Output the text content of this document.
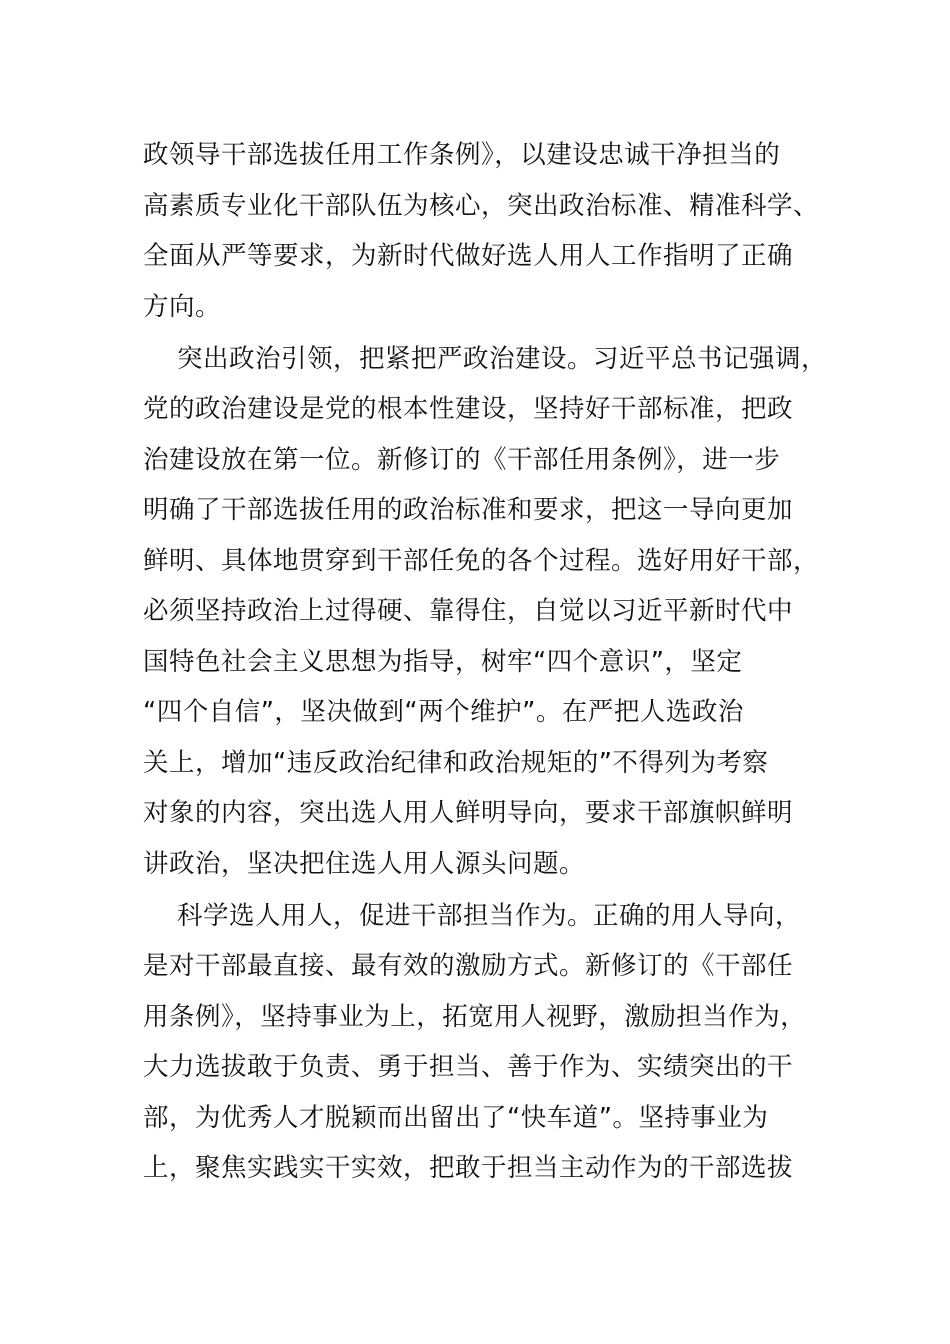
政领导干部选拔任用工作条例》，以建设忠诚干净担当的
高素质专业化干部队伍为核心，突出政治标准、精准科学、
全面从严等要求，为新时代做好选人用人工作指明了正确
方向。
突出政治引领，把紧把严政治建设。习近平总书记强调，
党的政治建设是党的根本性建设，坚持好干部标准，把政
治建设放在第一位。新修订的《干部任用条例》，进一步
明确了干部选拔任用的政治标准和要求，把这一导向更加
鲜明、具体地贯穿到干部任免的各个过程。选好用好干部，
必须坚持政治上过得硬、靠得住，自觉以习近平新时代中
国特色社会主义思想为指导，树牢“四个意识”，坚定
“四个自信”，坚决做到“两个维护”。在严把人选政治
关上，增加“违反政治纪律和政治规矩的”不得列为考察
对象的内容，突出选人用人鲜明导向，要求干部旗帜鲜明
讲政治，坚决把住选人用人源头问题。
科学选人用人，促进干部担当作为。正确的用人导向，
是对干部最直接、最有效的激励方式。新修订的《干部任
用条例》，坚持事业为上，拓宽用人视野，激励担当作为，
大力选拔敢于负责、勇于担当、善于作为、实绩突出的干
部，为优秀人才脱颖而出留出了“快车道”。坚持事业为
上，聚焦实践实干实效，把敢于担当主动作为的干部选拔
